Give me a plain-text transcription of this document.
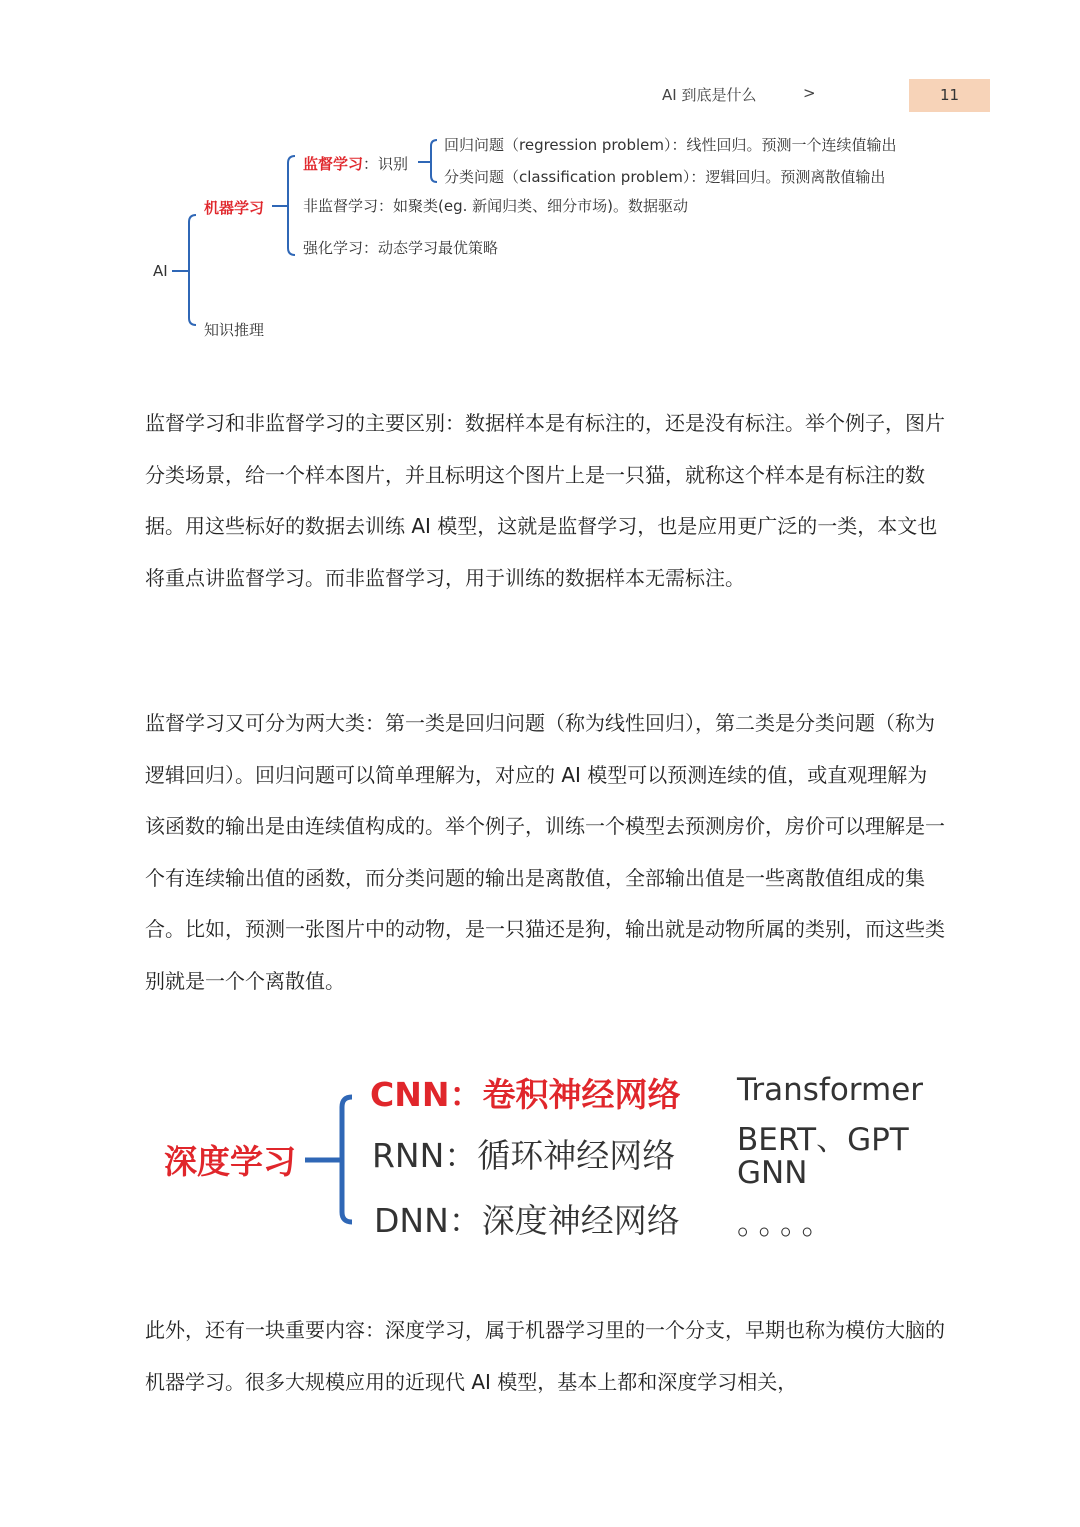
AI 到底是什么	>	11
AI
机器学习
知识推理
监督学习：识别
非监督学习：如聚类(eg. 新闻归类、细分市场)。数据驱动
强化学习：动态学习最优策略
回归问题（regression problem）：线性回归。预测一个连续值输出
分类问题（classification problem）：逻辑回归。预测离散值输出

监督学习和非监督学习的主要区别：数据样本是有标注的，还是没有标注。举个例子，图片分类场景，给一个样本图片，并且标明这个图片上是一只猫，就称这个样本是有标注的数据。用这些标好的数据去训练 AI 模型，这就是监督学习，也是应用更广泛的一类，本文也将重点讲监督学习。而非监督学习，用于训练的数据样本无需标注。

监督学习又可分为两大类：第一类是回归问题（称为线性回归），第二类是分类问题（称为逻辑回归）。回归问题可以简单理解为，对应的 AI 模型可以预测连续的值，或直观理解为该函数的输出是由连续值构成的。举个例子，训练一个模型去预测房价，房价可以理解是一个有连续输出值的函数，而分类问题的输出是离散值，全部输出值是一些离散值组成的集合。比如，预测一张图片中的动物，是一只猫还是狗，输出就是动物所属的类别，而这些类别就是一个个离散值。

深度学习
CNN：卷积神经网络
RNN：循环神经网络
DNN：深度神经网络
Transformer
BERT、GPT
GNN
。。。。

此外，还有一块重要内容：深度学习，属于机器学习里的一个分支，早期也称为模仿大脑的机器学习。很多大规模应用的近现代 AI 模型，基本上都和深度学习相关，
